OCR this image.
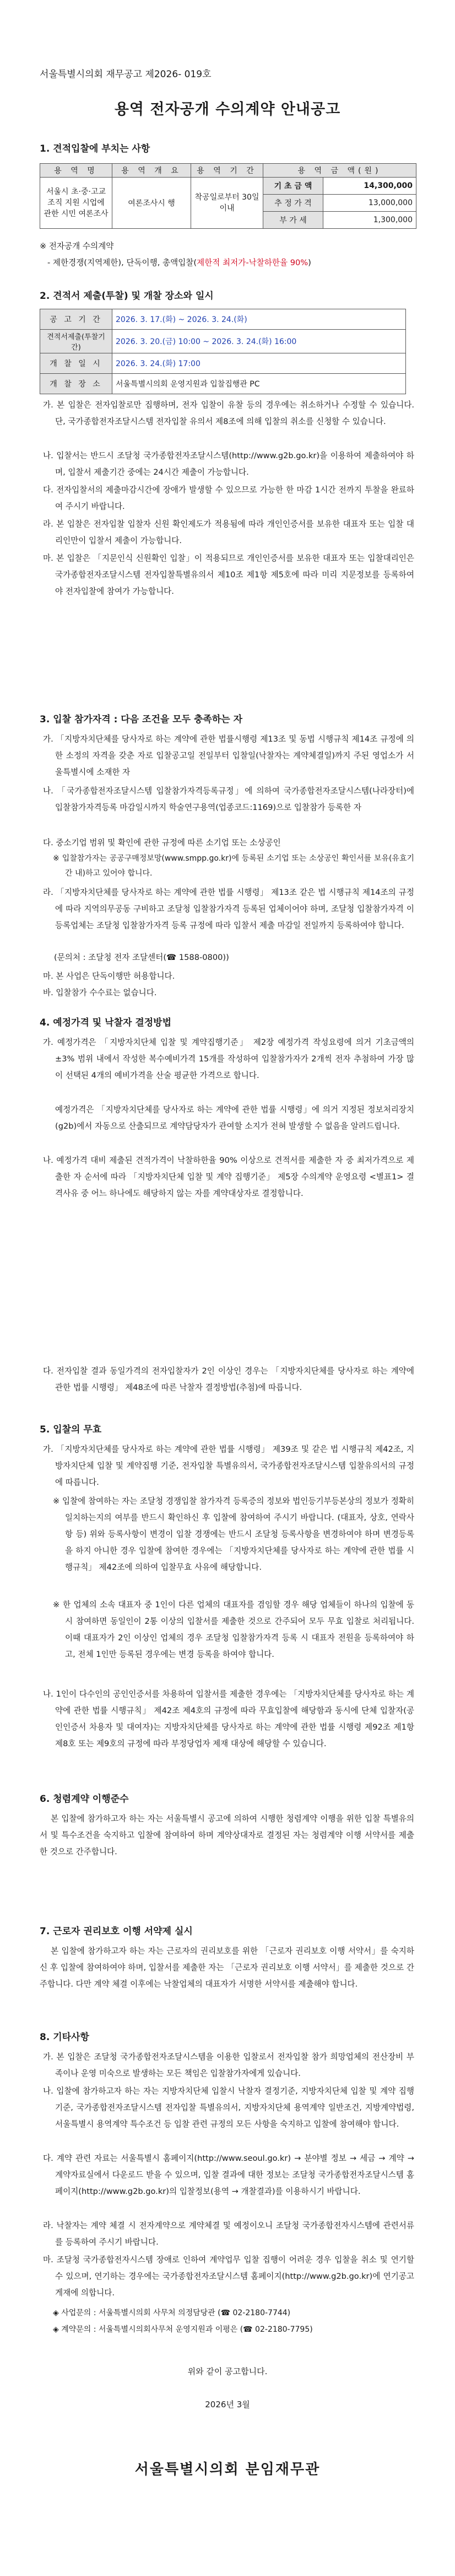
서울특별시의회 재무공고 제2026- 019호
용역 전자공개 수의계약 안내공고
1. 견적입찰에 부치는 사항
용 역 명	용 역 개 요	용 역 기 간	용 역 금 액(원)	
서울시 초·중·고교 조직 지원 시업에 관한 시민 여론조사	여론조사시 행	착공일로부터 30일이내	기 초 금 액	14,300,000
			추 정 가 격	13,000,000
			부 가 세	1,300,000
※ 전자공개 수의계약
- 제한경쟁(지역제한), 단독이행, 총액입찰(제한적 최저가-낙찰하한율 90%)
2. 견적서 제출(투찰) 및 개찰 장소와 일시
공 고 기 간	2026. 3. 17.(화) ~ 2026. 3. 24.(화)
견적서제출(투찰기간)	2026. 3. 20.(금) 10:00 ~ 2026. 3. 24.(화) 16:00
개 찰 일 시	2026. 3. 24.(화) 17:00
개 찰 장 소	서울특별시의회 운영지원과 입찰집행관 PC
가. 본 입찰은 전자입찰로만 집행하며, 전자 입찰이 유찰 등의 경우에는 취소하거나 수정할 수 있습니다. 단, 국가종합전자조달시스템 전자입찰 유의서 제8조에 의해 입찰의 취소를 신청할 수 있습니다.
나. 입찰서는 반드시 조달청 국가종합전자조달시스템(http://www.g2b.go.kr)을 이용하여 제출하여야 하며, 입찰서 제출기간 중에는 24시간 제출이 가능합니다.
다. 전자입찰서의 제출마감시간에 장애가 발생할 수 있으므로 가능한 한 마감 1시간 전까지 투찰을 완료하여 주시기 바랍니다.
라. 본 입찰은 전자입찰 입찰자 신원 확인제도가 적용됨에 따라 개인인증서를 보유한 대표자 또는 입찰 대리인만이 입찰서 제출이 가능합니다.
마. 본 입찰은 「지문인식 신원확인 입찰」이 적용되므로 개인인증서를 보유한 대표자 또는 입찰대리인은 국가종합전자조달시스템 전자입찰특별유의서 제10조 제1항 제5호에 따라 미리 지문정보를 등록하여야 전자입찰에 참여가 가능합니다.
3. 입찰 참가자격 : 다음 조건을 모두 충족하는 자
가. 「지방자치단체를 당사자로 하는 계약에 관한 법률시행령 제13조 및 동법 시행규칙 제14조 규정에 의한 소정의 자격을 갖춘 자로 입찰공고일 전일부터 입찰일(낙찰자는 계약체결일)까지 주된 영업소가 서울특별시에 소재한 자
나. 「국가종합전자조달시스템 입찰참가자격등록규정」에 의하여 국가종합전자조달시스템(나라장터)에 입찰참가자격등록 마감일시까지 학술연구용역(업종코드:1169)으로 입찰참가 등록한 자
다. 중소기업 범위 및 확인에 관한 규정에 따른 소기업 또는 소상공인
※ 입찰참가자는 공공구매정보망(www.smpp.go.kr)에 등록된 소기업 또는 소상공인 확인서를 보유(유효기간 내)하고 있어야 합니다.
라. 「지방자치단체를 당사자로 하는 계약에 관한 법률 시행령」 제13조 같은 법 시행규칙 제14조의 규정에 따라 지역의무공동 구비하고 조달청 입찰참가자격 등록된 업체이어야 하며, 조달청 입찰참가자격 이 등록업체는 조달청 입찰참가자격 등록 규정에 따라 입찰서 제출 마감일 전일까지 등록하여야 합니다.
(문의처 : 조달청 전자 조달센터(☎ 1588-0800))
마. 본 사업은 단독이행만 허용합니다.
바. 입찰참가 수수료는 없습니다.
4. 예정가격 및 낙찰자 결정방법
가. 예정가격은 「지방자치단체 입찰 및 계약집행기준」 제2장 예정가격 작성요령에 의거 기초금액의 ±3% 범위 내에서 작성한 복수예비가격 15개를 작성하여 입찰참가자가 2개씩 전자 추첨하여 가장 많이 선택된 4개의 예비가격을 산술 평균한 가격으로 합니다.
예정가격은 「지방자치단체를 당사자로 하는 계약에 관한 법률 시행령」에 의거 지정된 정보처리장치(g2b)에서 자동으로 산출되므로 계약담당자가 관여할 소지가 전혀 발생할 수 없음을 알려드립니다.
나. 예정가격 대비 제출된 견적가격이 낙찰하한율 90% 이상으로 견적서를 제출한 자 중 최저가격으로 제출한 자 순서에 따라 「지방자치단체 입찰 및 계약 집행기준」 제5장 수의계약 운영요령 <별표1> 결격사유 중 어느 하나에도 해당하지 않는 자를 계약대상자로 결정합니다.
다. 전자입찰 결과 동일가격의 전자입찰자가 2인 이상인 경우는 「지방자치단체를 당사자로 하는 계약에 관한 법률 시행령」 제48조에 따른 낙찰자 결정방법(추첨)에 따릅니다.
5. 입찰의 무효
가. 「지방자치단체를 당사자로 하는 계약에 관한 법률 시행령」 제39조 및 같은 법 시행규칙 제42조, 지방자치단체 입찰 및 계약집행 기준, 전자입찰 특별유의서, 국가종합전자조달시스템 입찰유의서의 규정에 따릅니다.
※ 입찰에 참여하는 자는 조달청 경쟁입찰 참가자격 등록증의 정보와 법인등기부등본상의 정보가 정확히 일치하는지의 여부를 반드시 확인하신 후 입찰에 참여하여 주시기 바랍니다. (대표자, 상호, 연락사항 등) 위와 등록사항이 변경이 입찰 경쟁에는 반드시 조달청 등록사항을 변경하여야 하며 변경등록을 하지 아니한 경우 입찰에 참여한 경우에는 「지방자치단체를 당사자로 하는 계약에 관한 법률 시행규칙」 제42조에 의하여 입찰무효 사유에 해당합니다.
※ 한 업체의 소속 대표자 중 1인이 다른 업체의 대표자를 겸임할 경우 해당 업체들이 하나의 입찰에 동시 참여하면 동일인이 2통 이상의 입찰서를 제출한 것으로 간주되어 모두 무효 입찰로 처리됩니다. 이때 대표자가 2인 이상인 업체의 경우 조달청 입찰참가자격 등록 시 대표자 전원을 등록하여야 하고, 전체 1인만 등록된 경우에는 변경 등록을 하여야 합니다.
나. 1인이 다수인의 공인인증서를 차용하여 입찰서를 제출한 경우에는 「지방자치단체를 당사자로 하는 계약에 관한 법률 시행규칙」 제42조 제4호의 규정에 따라 무효입찰에 해당함과 동시에 단체 입찰자(공인인증서 차용자 및 대여자)는 지방자치단체를 당사자로 하는 계약에 관한 법률 시행령 제92조 제1항 제8호 또는 제9호의 규정에 따라 부정당업자 제재 대상에 해당할 수 있습니다.
6. 청렴계약 이행준수
본 입찰에 참가하고자 하는 자는 서울특별시 공고에 의하여 시행한 청렴계약 이행을 위한 입찰 특별유의서 및 특수조건을 숙지하고 입찰에 참여하여 하며 계약상대자로 결정된 자는 청렴계약 이행 서약서를 제출한 것으로 간주합니다.
7. 근로자 권리보호 이행 서약제 실시
본 입찰에 참가하고자 하는 자는 근로자의 권리보호를 위한 「근로자 권리보호 이행 서약서」를 숙지하신 후 입찰에 참여하여야 하며, 입찰서를 제출한 자는 「근로자 권리보호 이행 서약서」를 제출한 것으로 간주합니다. 다만 계약 체결 이후에는 낙찰업체의 대표자가 서명한 서약서를 제출해야 합니다.
8. 기타사항
가. 본 입찰은 조달청 국가종합전자조달시스템을 이용한 입찰로서 전자입찰 참가 희망업체의 전산장비 부족이나 운영 미숙으로 발생하는 모든 책임은 입찰참가자에게 있습니다.
나. 입찰에 참가하고자 하는 자는 지방자치단체 입찰시 낙찰자 결정기준, 지방자치단체 입찰 및 계약 집행기준, 국가종합전자조달시스템 전자입찰 특별유의서, 지방자치단체 용역계약 일반조건, 지방계약법령, 서울특별시 용역계약 특수조건 등 입찰 관련 규정의 모든 사항을 숙지하고 입찰에 참여해야 합니다.
다. 계약 관련 자료는 서울특별시 홈페이지(http://www.seoul.go.kr) → 분야별 정보 → 세금 → 계약 → 계약자료실에서 다운로드 받을 수 있으며, 입찰 결과에 대한 정보는 조달청 국가종합전자조달시스템 홈페이지(http://www.g2b.go.kr)의 입찰정보(용역 → 개찰결과)를 이용하시기 바랍니다.
라. 낙찰자는 계약 체결 시 전자계약으로 계약체결 및 예정이오니 조달청 국가종합전자시스템에 관련서류를 등록하여 주시기 바랍니다.
마. 조달청 국가종합전자시스템 장애로 인하여 계약업무 입찰 집행이 어려운 경우 입찰을 취소 및 연기할 수 있으며, 연기하는 경우에는 국가종합전자조달시스템 홈페이지(http://www.g2b.go.kr)에 연기공고 게재에 의합니다.
◈ 사업문의 : 서울특별시의회 사무처 의정담당관 (☎ 02-2180-7744)
◈ 계약문의 : 서울특별시의회사무처 운영지원과 이평은 (☎ 02-2180-7795)
위와 같이 공고합니다.
2026년 3월
서울특별시의회 분임재무관
